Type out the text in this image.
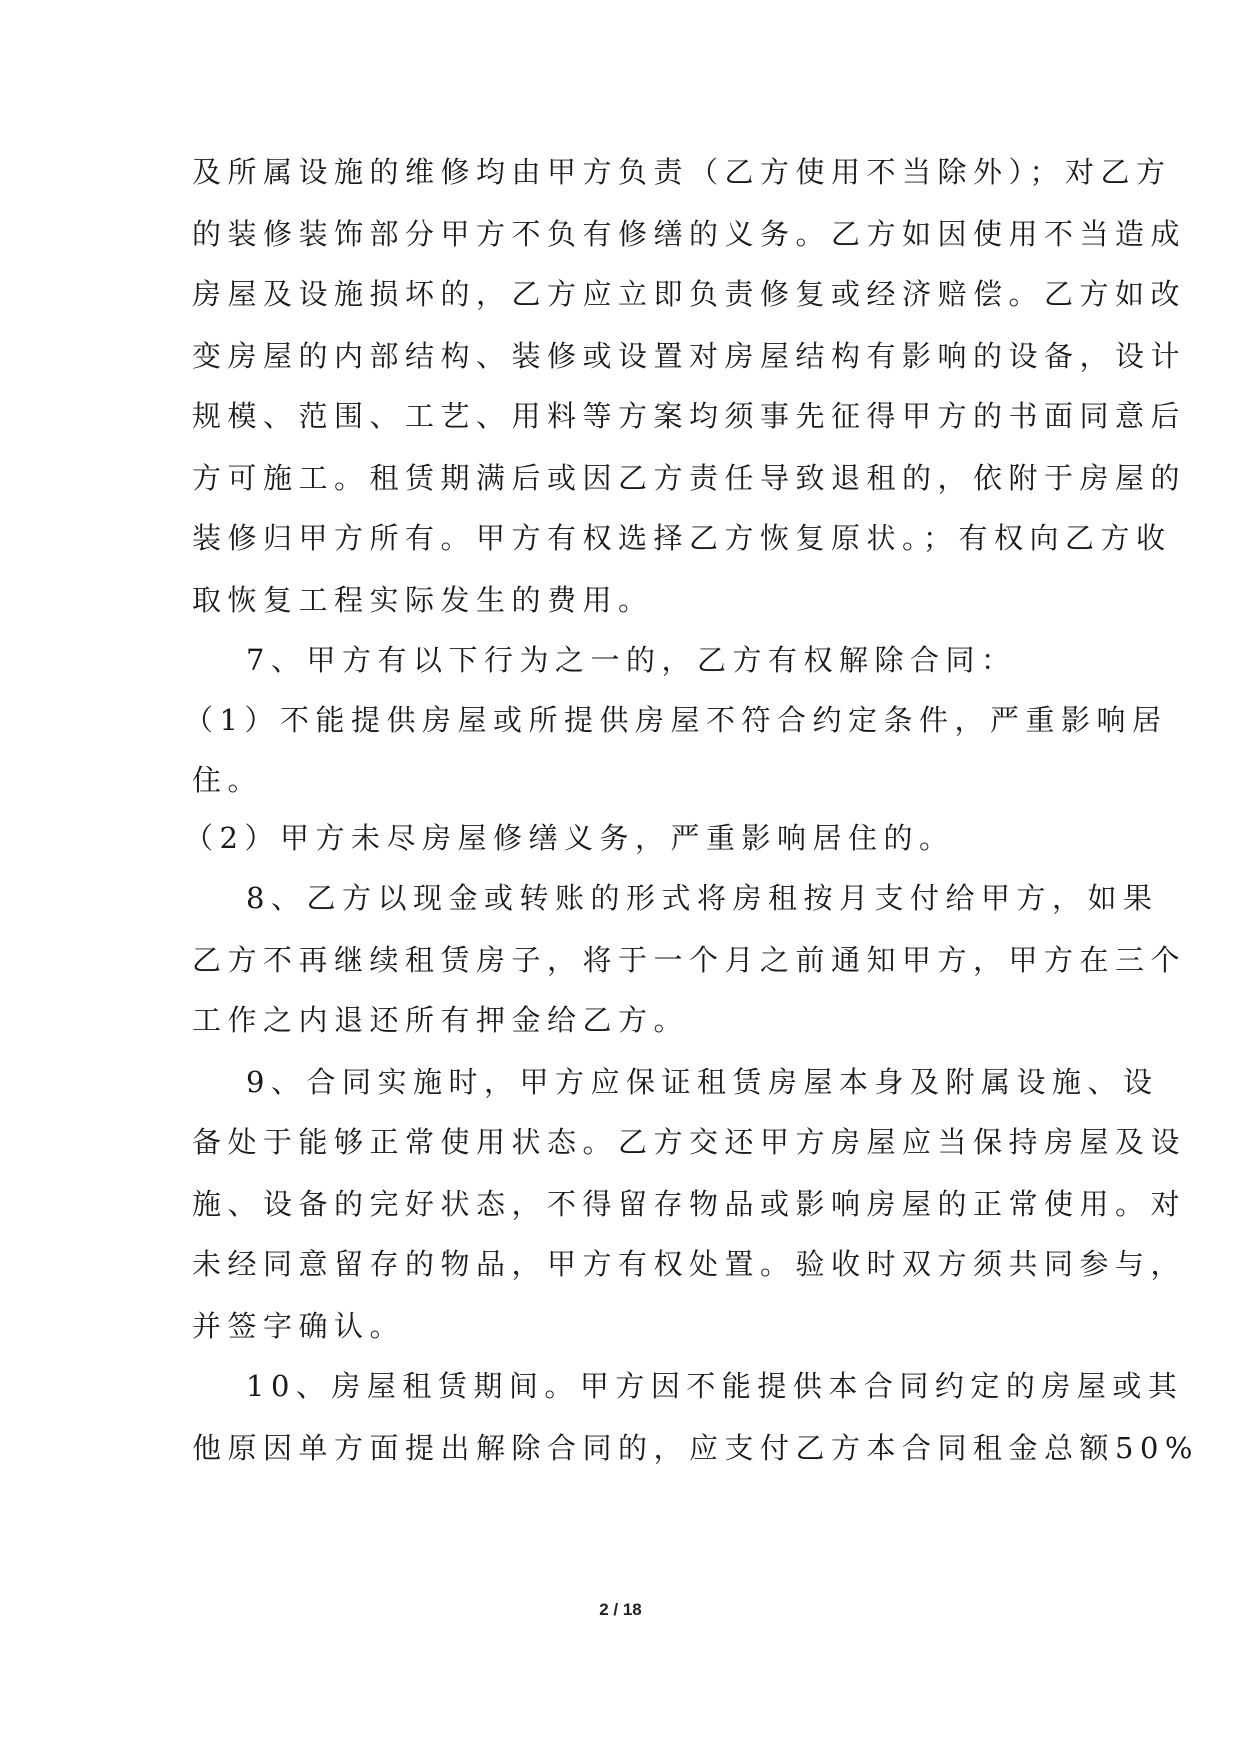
及所属设施的维修均由甲方负责（乙方使用不当除外）；对乙方

的装修装饰部分甲方不负有修缮的义务。乙方如因使用不当造成

房屋及设施损坏的，乙方应立即负责修复或经济赔偿。乙方如改

变房屋的内部结构、装修或设置对房屋结构有影响的设备，设计

规模、范围、工艺、用料等方案均须事先征得甲方的书面同意后

方可施工。租赁期满后或因乙方责任导致退租的，依附于房屋的

装修归甲方所有。甲方有权选择乙方恢复原状。；有权向乙方收

取恢复工程实际发生的费用。

7、甲方有以下行为之一的，乙方有权解除合同：

（1）不能提供房屋或所提供房屋不符合约定条件，严重影响居

住。

（2）甲方未尽房屋修缮义务，严重影响居住的。

8、乙方以现金或转账的形式将房租按月支付给甲方，如果

乙方不再继续租赁房子，将于一个月之前通知甲方，甲方在三个

工作之内退还所有押金给乙方。

9、合同实施时，甲方应保证租赁房屋本身及附属设施、设

备处于能够正常使用状态。乙方交还甲方房屋应当保持房屋及设

施、设备的完好状态，不得留存物品或影响房屋的正常使用。对

未经同意留存的物品，甲方有权处置。验收时双方须共同参与，

并签字确认。

10、房屋租赁期间。甲方因不能提供本合同约定的房屋或其

他原因单方面提出解除合同的，应支付乙方本合同租金总额50%

2 / 18
